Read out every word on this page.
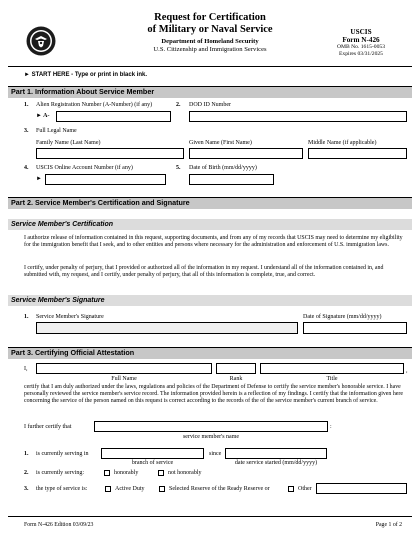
Request for Certification
of Military or Naval Service
Department of Homeland Security
U.S. Citizenship and Immigration Services
USCIS
Form N-426
OMB No. 1615-0053
Expires 03/31/2025
► START HERE - Type or print in black ink.
Part 1. Information About Service Member
1. Alien Registration Number (A-Number) (if any)
► A-
2. DOD ID Number
3. Full Legal Name
Family Name (Last Name)	Given Name (First Name)	Middle Name (if applicable)
4. USCIS Online Account Number (if any)
►
5. Date of Birth (mm/dd/yyyy)
Part 2. Service Member's Certification and Signature
Service Member's Certification
I authorize release of information contained in this request, supporting documents, and from any of my records that USCIS may need to determine my eligibility for the immigration benefit that I seek, and to other entities and persons where necessary for the administration and enforcement of U.S. immigration laws.
I certify, under penalty of perjury, that I provided or authorized all of the information in my request. I understand all of the information contained in, and submitted with, my request, and I certify, under penalty of perjury, that all of this information is complete, true, and correct.
Service Member's Signature
1. Service Member's Signature	Date of Signature (mm/dd/yyyy)
Part 3. Certifying Official Attestation
I,	,
Full Name	Rank	Title
certify that I am duly authorized under the laws, regulations and policies of the Department of Defense to certify the service member's honorable service. I have personally reviewed the service member's service record. The information provided herein is a reflection of my findings. I certify that the information given here concerning the service of the person named on this request is correct according to the records of the of the service member's current branch of service.
I further certify that	:
service member's name
1. is currently serving in	since
branch of service	date service started (mm/dd/yyyy)
2. is currently serving:	honorably	not honorably
3. the type of service is:	Active Duty	Selected Reserve of the Ready Reserve or	Other
Form N-426 Edition 03/09/23	Page 1 of 2
